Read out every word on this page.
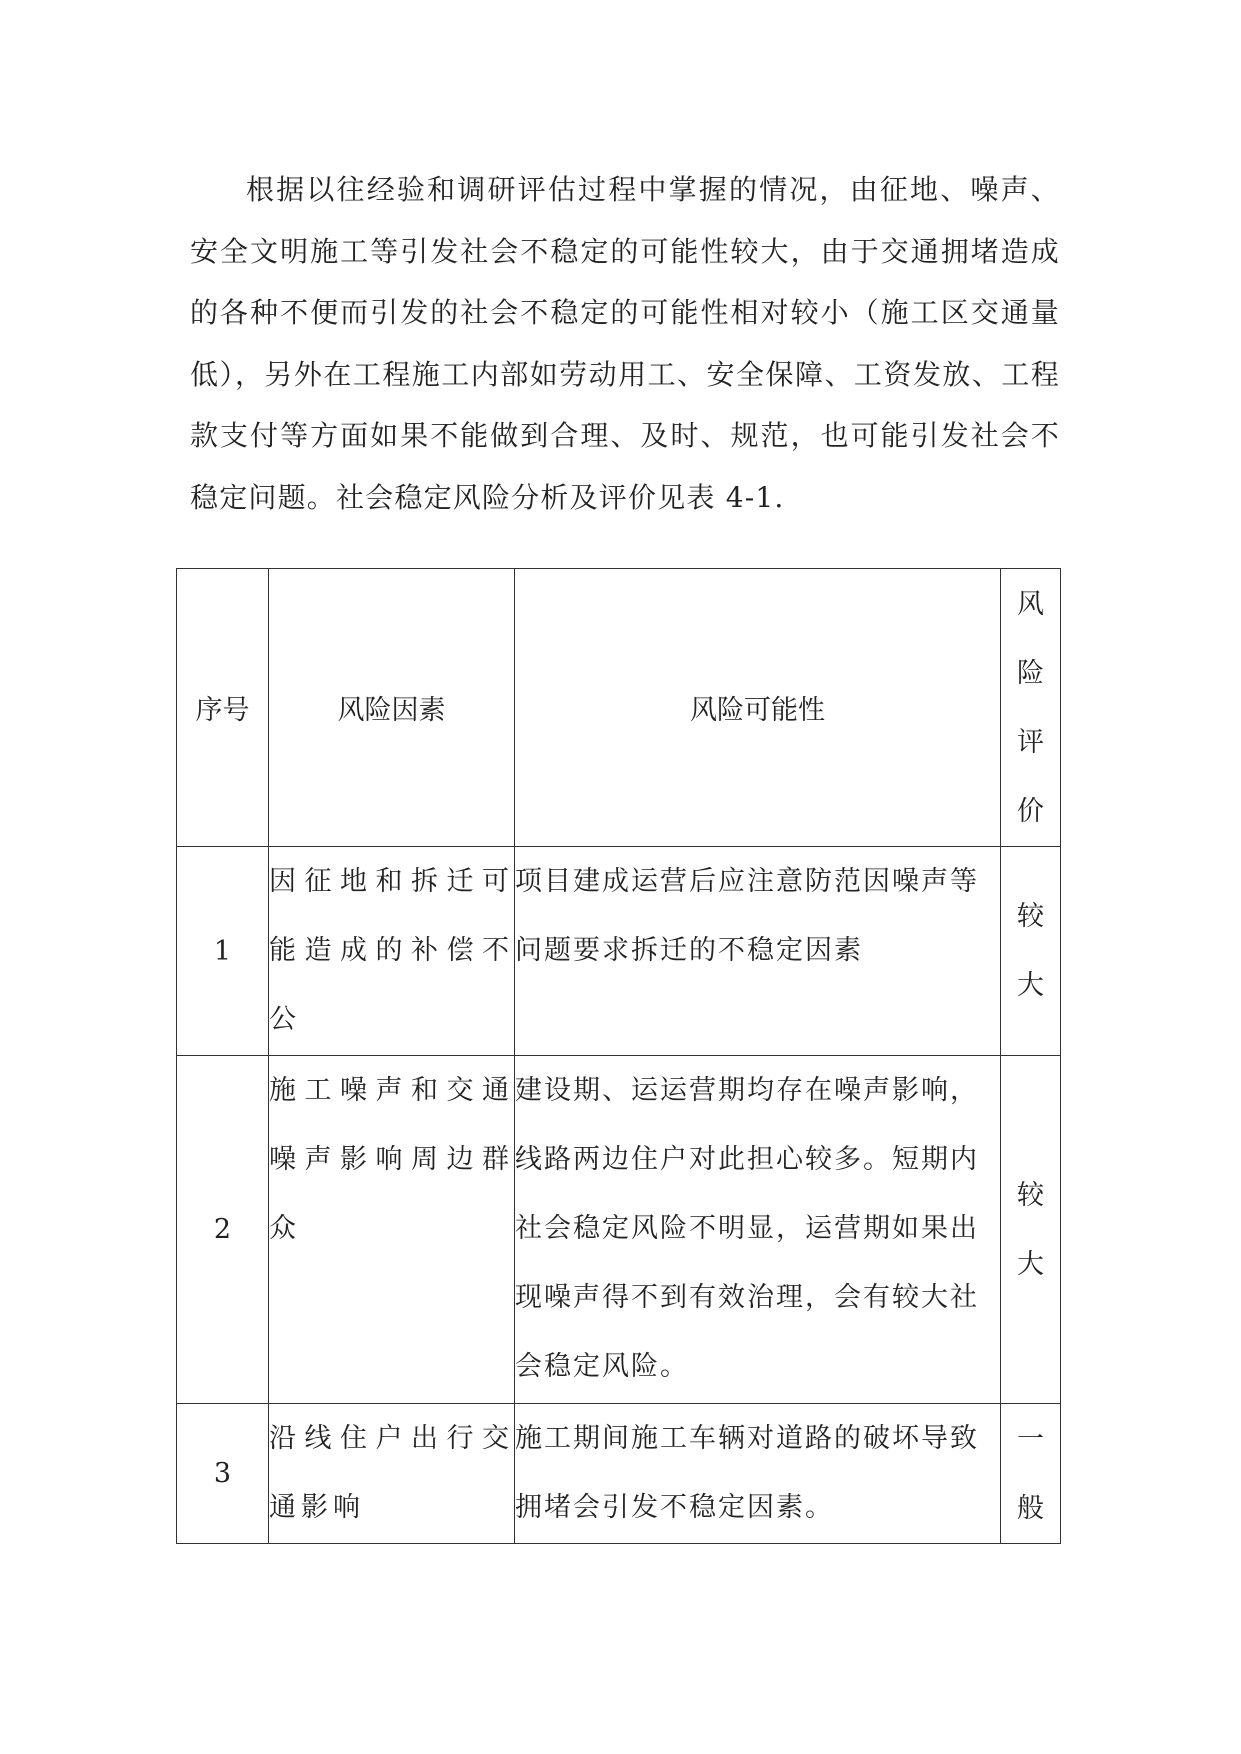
根据以往经验和调研评估过程中掌握的情况，由征地、噪声、安全文明施工等引发社会不稳定的可能性较大，由于交通拥堵造成的各种不便而引发的社会不稳定的可能性相对较小（施工区交通量低），另外在工程施工内部如劳动用工、安全保障、工资发放、工程款支付等方面如果不能做到合理、及时、规范，也可能引发社会不稳定问题。社会稳定风险分析及评价见表 4-1.

序号	风险因素	风险可能性	风险评价

1	因征地和拆迁可能造成的补偿不公	项目建成运营后应注意防范因噪声等问题要求拆迁的不稳定因素	较大

2	施工噪声和交通噪声影响周边群众	建设期、运运营期均存在噪声影响，线路两边住户对此担心较多。短期内社会稳定风险不明显，运营期如果出现噪声得不到有效治理，会有较大社会稳定风险。	较大

3	沿线住户出行交通影响	施工期间施工车辆对道路的破坏导致拥堵会引发不稳定因素。	一般
